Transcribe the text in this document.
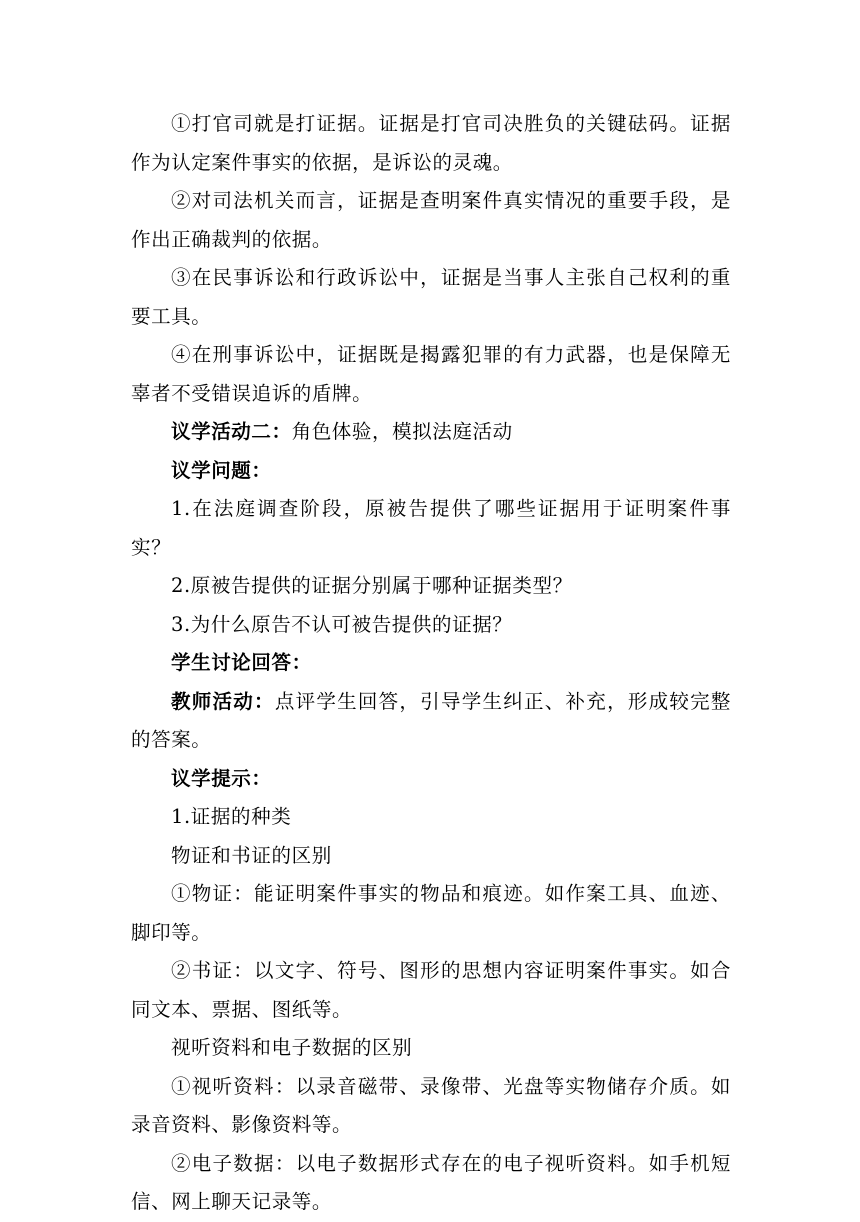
①打官司就是打证据。证据是打官司决胜负的关键砝码。证据作为认定案件事实的依据，是诉讼的灵魂。

②对司法机关而言，证据是查明案件真实情况的重要手段，是作出正确裁判的依据。

③在民事诉讼和行政诉讼中，证据是当事人主张自己权利的重要工具。

④在刑事诉讼中，证据既是揭露犯罪的有力武器，也是保障无辜者不受错误追诉的盾牌。

议学活动二：角色体验，模拟法庭活动

议学问题：

1.在法庭调查阶段，原被告提供了哪些证据用于证明案件事实？

2.原被告提供的证据分别属于哪种证据类型？

3.为什么原告不认可被告提供的证据？

学生讨论回答：

教师活动：点评学生回答，引导学生纠正、补充，形成较完整的答案。

议学提示：

1.证据的种类

物证和书证的区别

①物证：能证明案件事实的物品和痕迹。如作案工具、血迹、脚印等。

②书证：以文字、符号、图形的思想内容证明案件事实。如合同文本、票据、图纸等。

视听资料和电子数据的区别

①视听资料：以录音磁带、录像带、光盘等实物储存介质。如录音资料、影像资料等。

②电子数据：以电子数据形式存在的电子视听资料。如手机短信、网上聊天记录等。
